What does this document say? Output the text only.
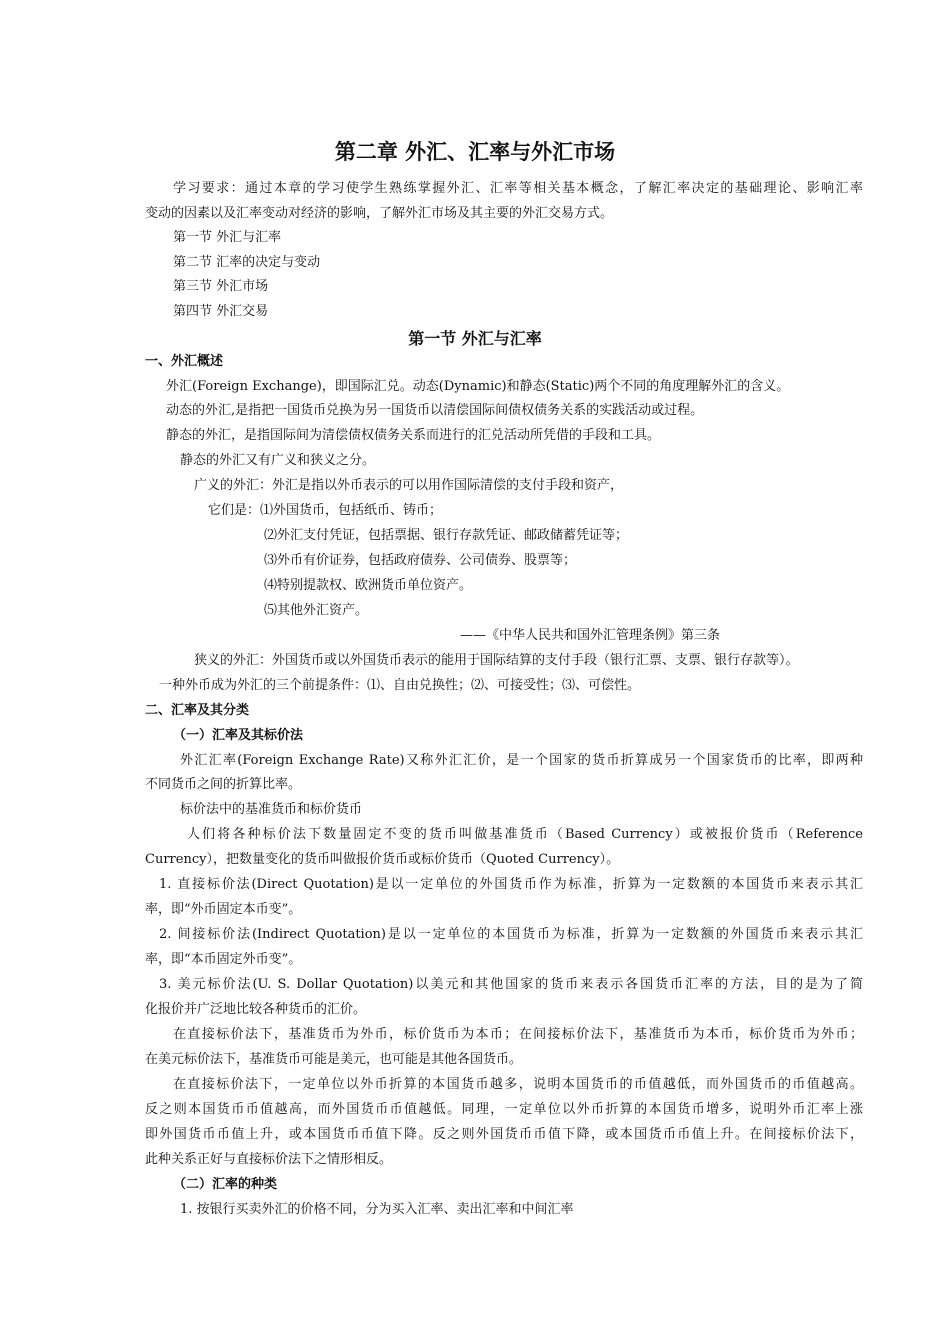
第二章 外汇、汇率与外汇市场
学习要求：通过本章的学习使学生熟练掌握外汇、汇率等相关基本概念，了解汇率决定的基础理论、影响汇率
变动的因素以及汇率变动对经济的影响，了解外汇市场及其主要的外汇交易方式。
第一节 外汇与汇率
第二节 汇率的决定与变动
第三节 外汇市场
第四节 外汇交易
第一节 外汇与汇率
一、外汇概述
外汇(Foreign Exchange)，即国际汇兑。动态(Dynamic)和静态(Static)两个不同的角度理解外汇的含义。
动态的外汇,是指把一国货币兑换为另一国货币以清偿国际间债权债务关系的实践活动或过程。
静态的外汇，是指国际间为清偿债权债务关系而进行的汇兑活动所凭借的手段和工具。
静态的外汇又有广义和狭义之分。
广义的外汇：外汇是指以外币表示的可以用作国际清偿的支付手段和资产，
它们是：⑴外国货币，包括纸币、铸币；
⑵外汇支付凭证，包括票据、银行存款凭证、邮政储蓄凭证等；
⑶外币有价证券，包括政府债券、公司债券、股票等；
⑷特别提款权、欧洲货币单位资产。
⑸其他外汇资产。
——《中华人民共和国外汇管理条例》第三条
狭义的外汇：外国货币或以外国货币表示的能用于国际结算的支付手段（银行汇票、支票、银行存款等）。
一种外币成为外汇的三个前提条件：⑴、自由兑换性；⑵、可接受性；⑶、可偿性。
二、汇率及其分类
（一）汇率及其标价法
外汇汇率(Foreign Exchange Rate)又称外汇汇价，是一个国家的货币折算成另一个国家货币的比率，即两种
不同货币之间的折算比率。
标价法中的基准货币和标价货币
人们将各种标价法下数量固定不变的货币叫做基准货币（Based Currency）或被报价货币（Reference
Currency），把数量变化的货币叫做报价货币或标价货币（Quoted Currency）。
1. 直接标价法(Direct Quotation)是以一定单位的外国货币作为标准，折算为一定数额的本国货币来表示其汇
率，即“外币固定本币变”。
2. 间接标价法(Indirect Quotation)是以一定单位的本国货币为标准，折算为一定数额的外国货币来表示其汇
率，即“本币固定外币变”。
3. 美元标价法(U. S. Dollar Quotation)以美元和其他国家的货币来表示各国货币汇率的方法，目的是为了简
化报价并广泛地比较各种货币的汇价。
在直接标价法下，基准货币为外币，标价货币为本币；在间接标价法下，基准货币为本币，标价货币为外币；
在美元标价法下，基准货币可能是美元，也可能是其他各国货币。
在直接标价法下，一定单位以外币折算的本国货币越多，说明本国货币的币值越低，而外国货币的币值越高。
反之则本国货币币值越高，而外国货币币值越低。同理，一定单位以外币折算的本国货币增多，说明外币汇率上涨
即外国货币币值上升，或本国货币币值下降。反之则外国货币币值下降，或本国货币币值上升。在间接标价法下，
此种关系正好与直接标价法下之情形相反。
（二）汇率的种类
1. 按银行买卖外汇的价格不同，分为买入汇率、卖出汇率和中间汇率
